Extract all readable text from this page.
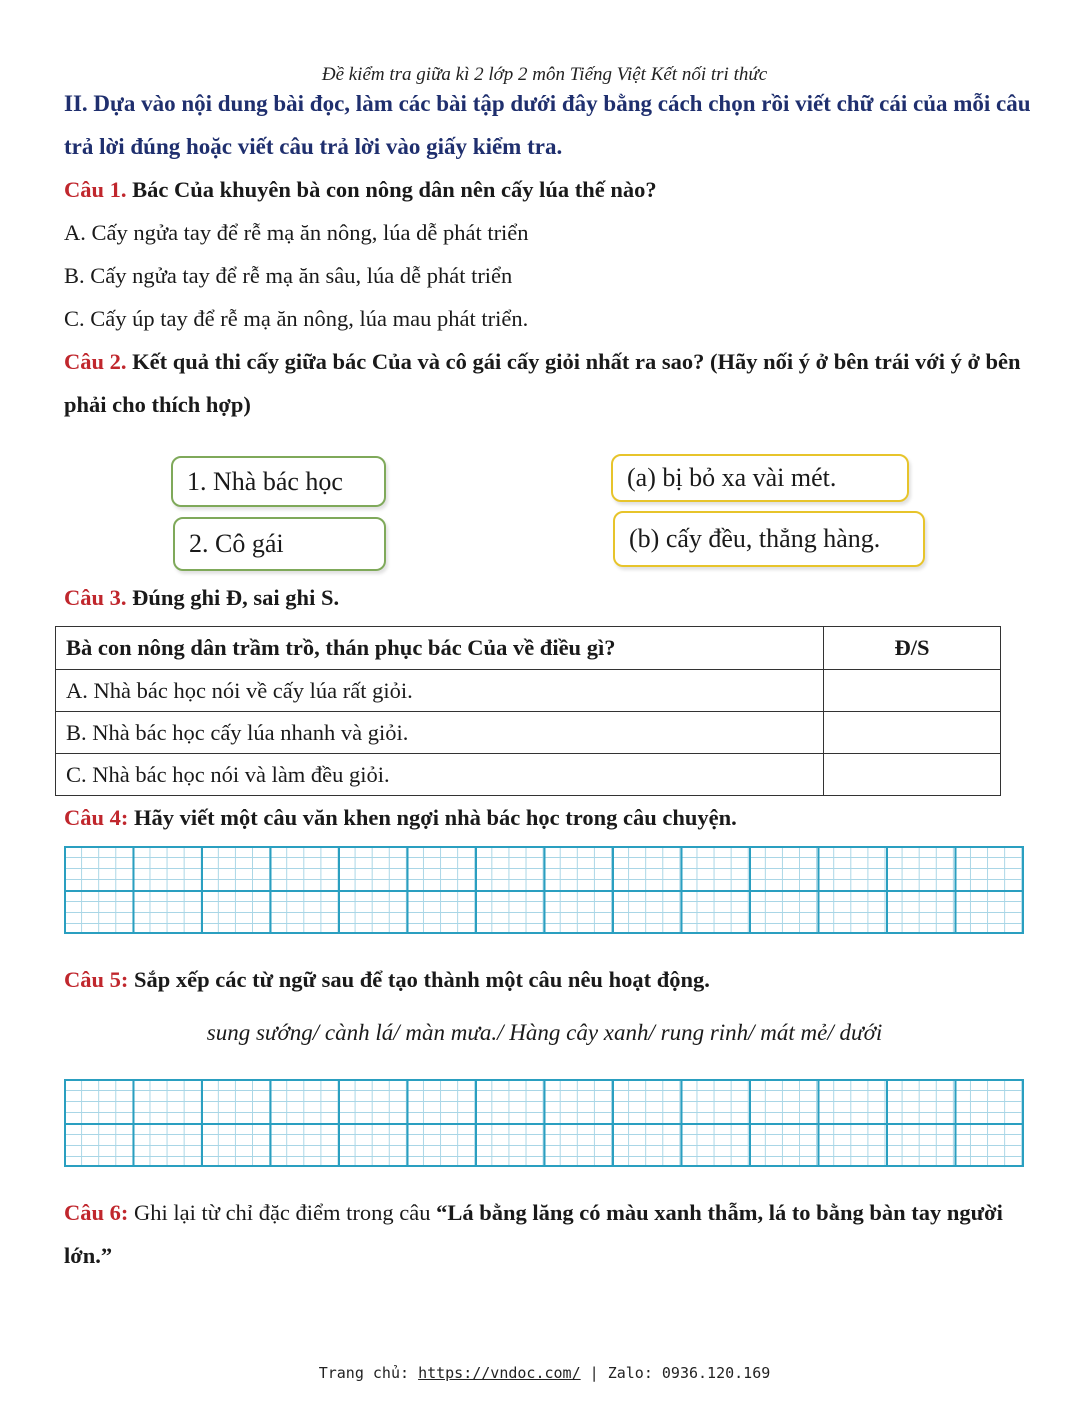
Đề kiểm tra giữa kì 2 lớp 2 môn Tiếng Việt Kết nối tri thức
II. Dựa vào nội dung bài đọc, làm các bài tập dưới đây bằng cách chọn rồi viết chữ cái của mỗi câu trả lời đúng hoặc viết câu trả lời vào giấy kiểm tra.
Câu 1. Bác Của khuyên bà con nông dân nên cấy lúa thế nào?
A. Cấy ngửa tay để rễ mạ ăn nông, lúa dễ phát triển
B. Cấy ngửa tay để rễ mạ ăn sâu, lúa dễ phát triển
C. Cấy úp tay để rễ mạ ăn nông, lúa mau phát triển.
Câu 2. Kết quả thi cấy giữa bác Của và cô gái cấy giỏi nhất ra sao? (Hãy nối ý ở bên trái với ý ở bên phải cho thích hợp)
1. Nhà bác học
2. Cô gái
(a) bị bỏ xa vài mét.
(b) cấy đều, thẳng hàng.
Câu 3. Đúng ghi Đ, sai ghi S.
Bà con nông dân trầm trồ, thán phục bác Của về điều gì?	Đ/S
A. Nhà bác học nói về cấy lúa rất giỏi.	
B. Nhà bác học cấy lúa nhanh và giỏi.	
C. Nhà bác học nói và làm đều giỏi.	
Câu 4: Hãy viết một câu văn khen ngợi nhà bác học trong câu chuyện.
Câu 5: Sắp xếp các từ ngữ sau để tạo thành một câu nêu hoạt động.
sung sướng/ cành lá/ màn mưa./ Hàng cây xanh/ rung rinh/ mát mẻ/ dưới
Câu 6: Ghi lại từ chỉ đặc điểm trong câu “Lá bằng lăng có màu xanh thẫm, lá to bằng bàn tay người lớn.”
Trang chủ: https://vndoc.com/ | Zalo: 0936.120.169
